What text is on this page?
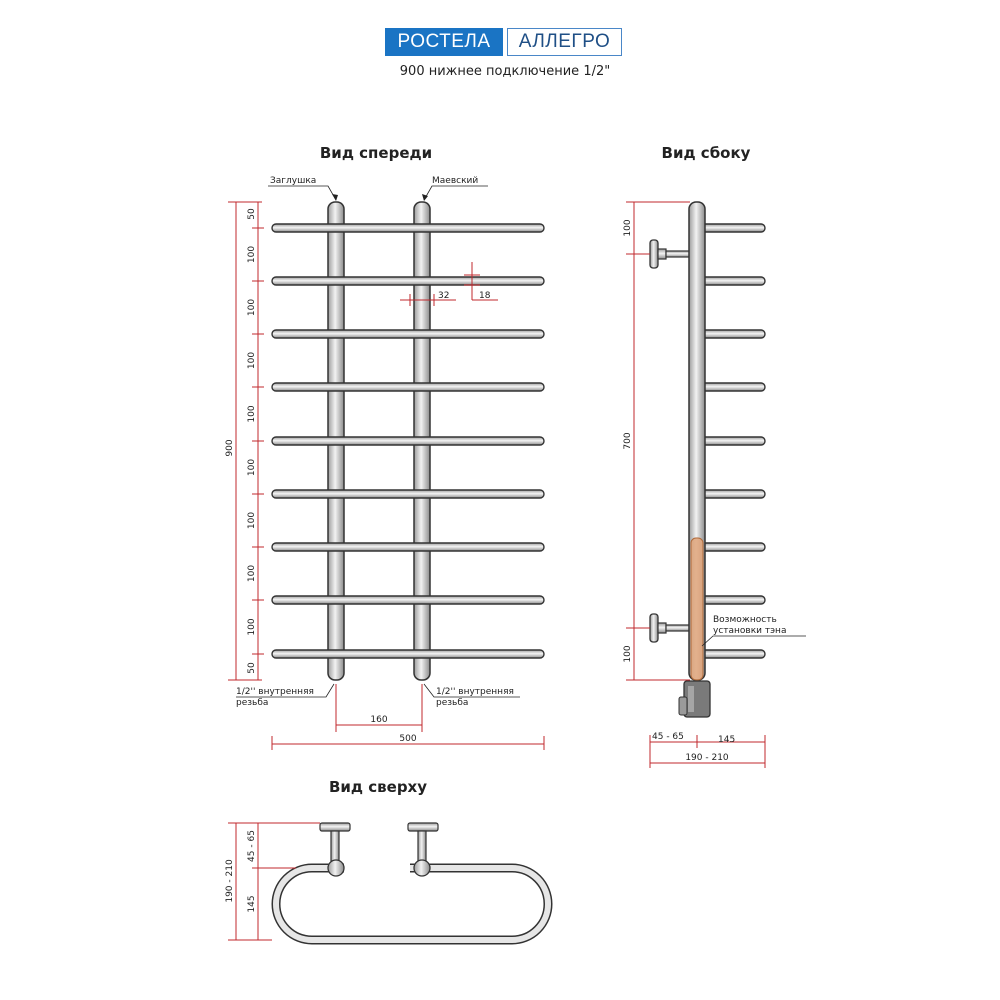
РОСТЕЛА	АЛЛЕГРО
900 нижнее подключение 1/2"
Вид спереди
Заглушка	Маевский
1/2'' внутренняя
резьба
1/2'' внутренняя
резьба
900
50
50
100
100
100
100
100
100
100
100
32	18
160
500
Вид сбоку
Возможность
установки тэна
100
700
100
45 - 65	145
190 - 210
Вид сверху
190 - 210
45 - 65
145
